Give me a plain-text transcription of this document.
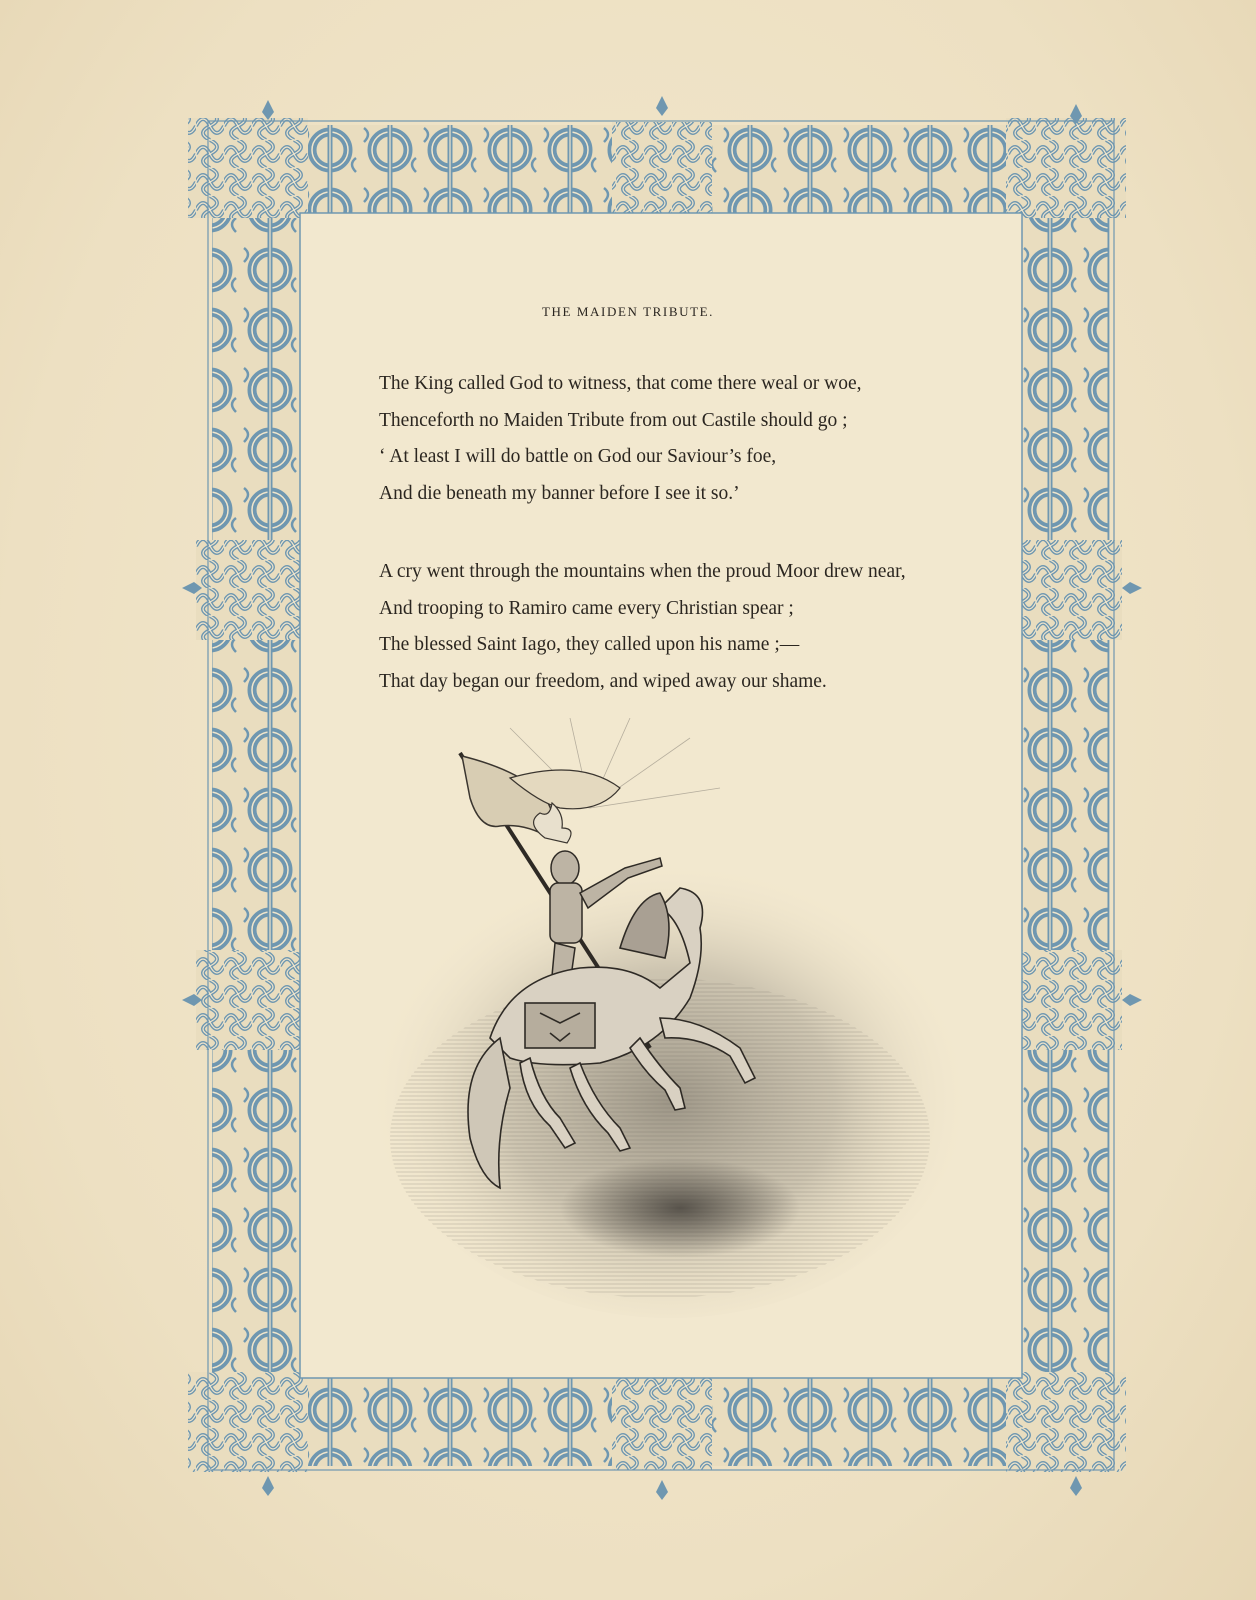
THE MAIDEN TRIBUTE.
The King called God to witness, that come there weal or woe,
Thenceforth no Maiden Tribute from out Castile should go ;
‘ At least I will do battle on God our Saviour’s foe,
And die beneath my banner before I see it so.’
A cry went through the mountains when the proud Moor drew near,
And trooping to Ramiro came every Christian spear ;
The blessed Saint Iago, they called upon his name ;—
That day began our freedom, and wiped away our shame.
